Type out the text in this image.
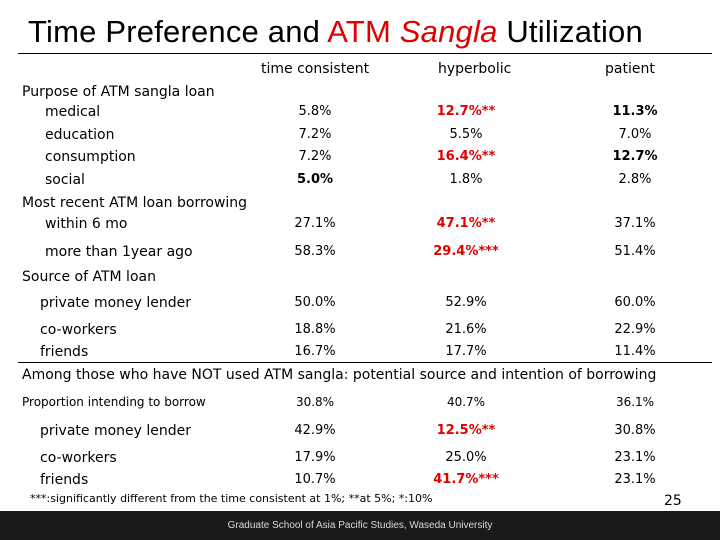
Time Preference and ATM Sangla Utilization
time consistent	hyperbolic	patient
Purpose of ATM sangla loan
medical	5.8%	12.7%**	11.3%
education	7.2%	5.5%	7.0%
consumption	7.2%	16.4%**	12.7%
social	5.0%	1.8%	2.8%
Most recent ATM loan borrowing
within 6 mo	27.1%	47.1%**	37.1%
more than 1year ago	58.3%	29.4%***	51.4%
Source of ATM loan
private money lender	50.0%	52.9%	60.0%
co-workers	18.8%	21.6%	22.9%
friends	16.7%	17.7%	11.4%
Among those who have NOT used ATM sangla: potential source and intention of borrowing
Proportion intending to borrow	30.8%	40.7%	36.1%
private money lender	42.9%	12.5%**	30.8%
co-workers	17.9%	25.0%	23.1%
friends	10.7%	41.7%***	23.1%
***:significantly different from the time consistent at 1%; **at 5%; *:10%	25
Graduate School of Asia Pacific Studies, Waseda University
